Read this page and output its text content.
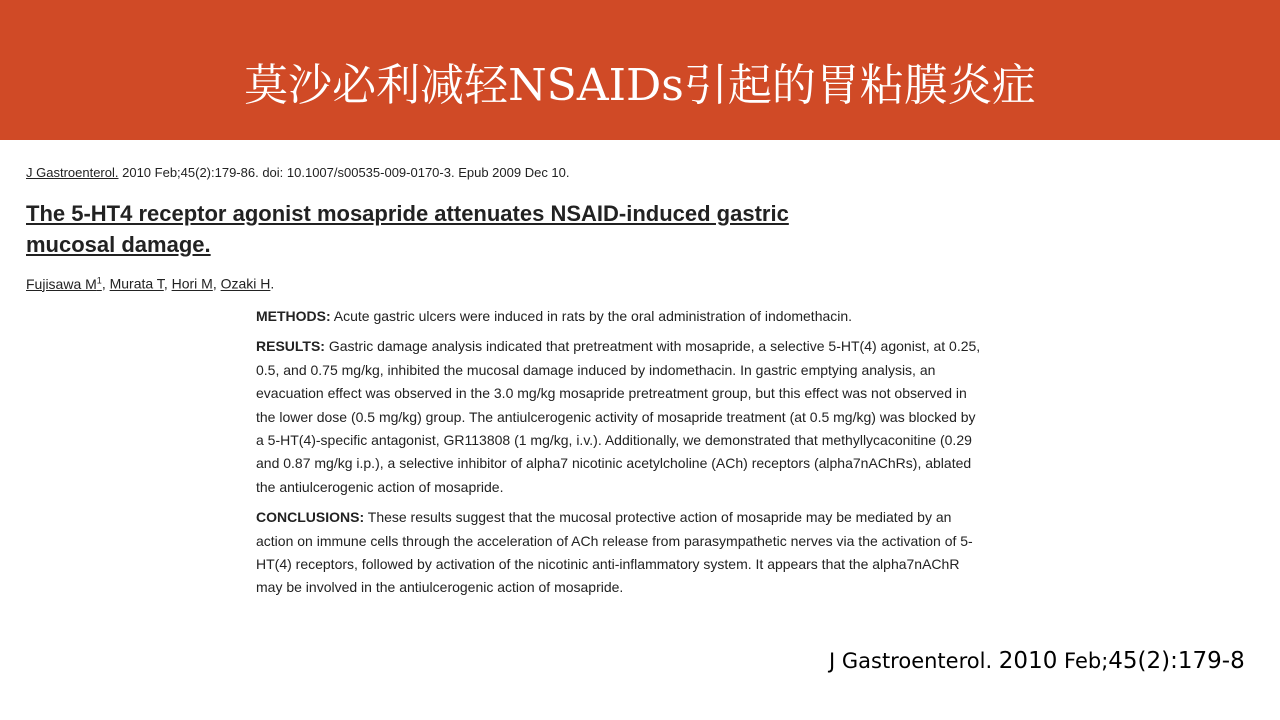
莫沙必利减轻NSAIDs引起的胃粘膜炎症
J Gastroenterol. 2010 Feb;45(2):179-86. doi: 10.1007/s00535-009-0170-3. Epub 2009 Dec 10.
The 5-HT4 receptor agonist mosapride attenuates NSAID-induced gastric mucosal damage.
Fujisawa $M^1$, Murata T, Hori M, Ozaki H.

METHODS: Acute gastric ulcers were induced in rats by the oral administration of indomethacin.

RESULTS: Gastric damage analysis indicated that pretreatment with mosapride, a selective 5-HT(4) agonist, at 0.25, 0.5, and 0.75 mg/kg, inhibited the mucosal damage induced by indomethacin. In gastric emptying analysis, an evacuation effect was observed in the 3.0 mg/kg mosapride pretreatment group, but this effect was not observed in the lower dose (0.5 mg/kg) group. The antiulcerogenic activity of mosapride treatment (at 0.5 mg/kg) was blocked by a 5-HT(4)-specific antagonist, GR113808 (1 mg/kg, i.v.). Additionally, we demonstrated that methyllycaconitine (0.29 and 0.87 mg/kg i.p.), a selective inhibitor of alpha7 nicotinic acetylcholine (ACh) receptors (alpha7nAChRs), ablated the antiulcerogenic action of mosapride.

CONCLUSIONS: These results suggest that the mucosal protective action of mosapride may be mediated by an action on immune cells through the acceleration of ACh release from parasympathetic nerves via the activation of 5-HT(4) receptors, followed by activation of the nicotinic anti-inflammatory system. It appears that the alpha7nAChR may be involved in the antiulcerogenic action of mosapride.

J Gastroenterol. 2010 Feb;45(2):179-8
